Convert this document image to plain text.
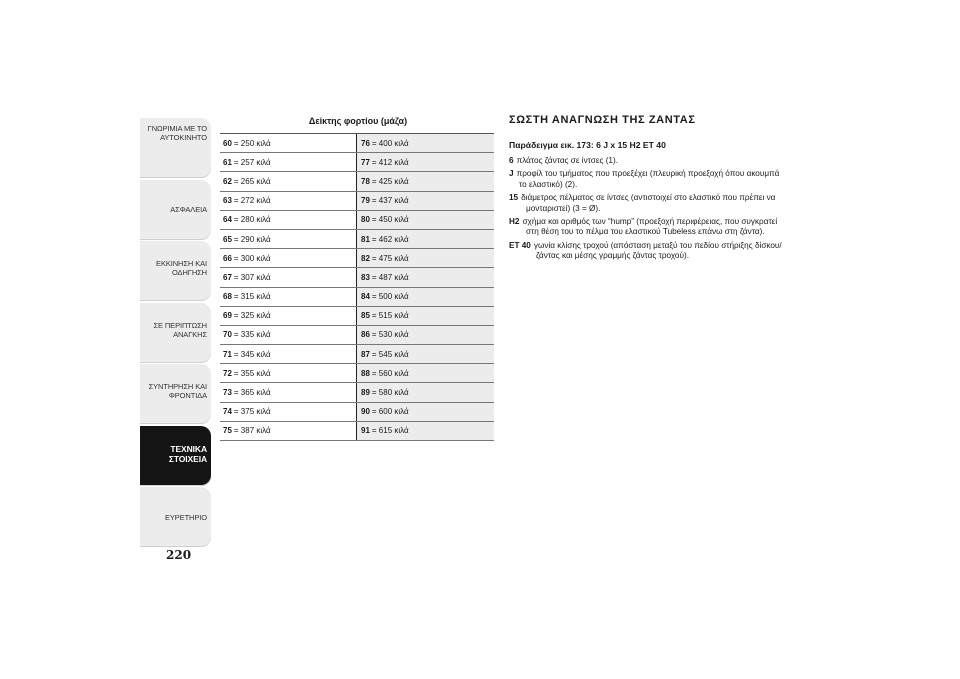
ΓΝΩΡΙΜΙΑ ΜΕ ΤΟ ΑΥΤΟΚΙΝΗΤΟ
ΑΣΦΑΛΕΙΑ
ΕΚΚΙΝΗΣΗ ΚΑΙ ΟΔΗΓΗΣΗ
ΣΕ ΠΕΡΙΠΤΩΣΗ ΑΝΑΓΚΗΣ
ΣΥΝΤΗΡΗΣΗ ΚΑΙ ΦΡΟΝΤΙΔΑ
ΤΕΧΝΙΚΑ ΣΤΟΙΧΕΙΑ
ΕΥΡΕΤΗΡΙΟ
220
Δείκτης φορτίου (μάζα)
60 = 250 κιλά	76 = 400 κιλά
61 = 257 κιλά	77 = 412 κιλά
62 = 265 κιλά	78 = 425 κιλά
63 = 272 κιλά	79 = 437 κιλά
64 = 280 κιλά	80 = 450 κιλά
65 = 290 κιλά	81 = 462 κιλά
66 = 300 κιλά	82 = 475 κιλά
67 = 307 κιλά	83 = 487 κιλά
68 = 315 κιλά	84 = 500 κιλά
69 = 325 κιλά	85 = 515 κιλά
70 = 335 κιλά	86 = 530 κιλά
71 = 345 κιλά	87 = 545 κιλά
72 = 355 κιλά	88 = 560 κιλά
73 = 365 κιλά	89 = 580 κιλά
74 = 375 κιλά	90 = 600 κιλά
75 = 387 κιλά	91 = 615 κιλά
ΣΩΣΤΗ ΑΝΑΓΝΩΣΗ ΤΗΣ ΖΑΝΤΑΣ
Παράδειγμα εικ. 173: 6 J x 15 H2 ET 40
6 πλάτος ζάντας σε ίντσες (1).
J προφίλ του τμήματος που προεξέχει (πλευρική προεξοχή όπου ακουμπά το ελαστικό) (2).
15 διάμετρος πέλματος σε ίντσες (αντιστοιχεί στο ελαστικό που πρέπει να μονταριστεί) (3 = Ø).
H2 σχήμα και αριθμός των “hump” (προεξοχή περιφέρειας, που συγκρατεί στη θέση του το πέλμα του ελαστικού Tubeless επάνω στη ζάντα).
ET 40 γωνία κλίσης τροχού (απόσταση μεταξύ του πεδίου στήριξης δίσκου/ζάντας και μέσης γραμμής ζάντας τροχού).
